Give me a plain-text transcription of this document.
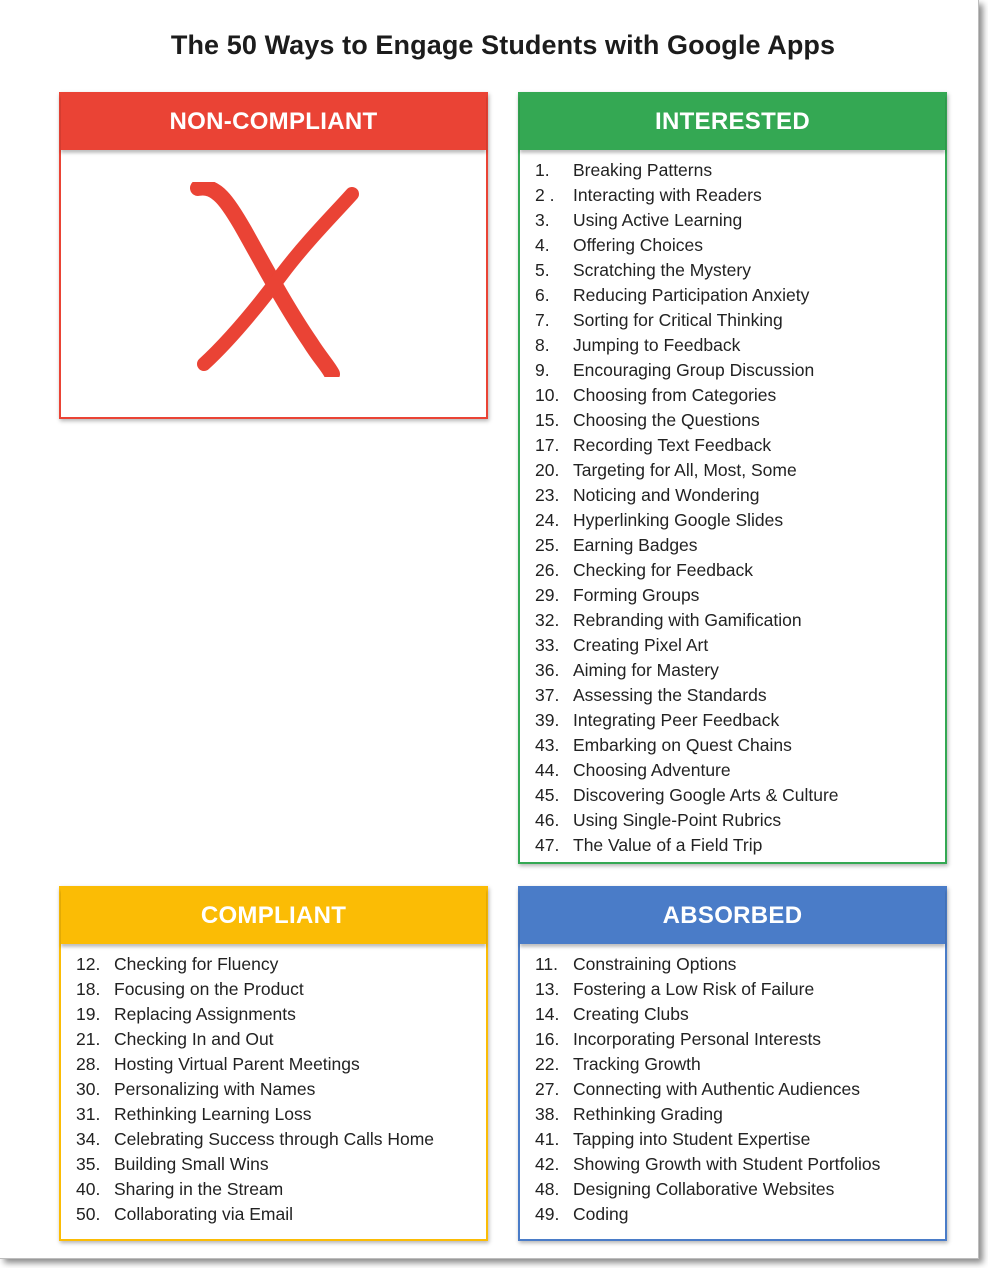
The 50 Ways to Engage Students with Google Apps
NON-COMPLIANT	INTERESTED
1.	Breaking Patterns
2 .	Interacting with Readers
3.	Using Active Learning
4.	Offering Choices
5.	Scratching the Mystery
6.	Reducing Participation Anxiety
7.	Sorting for Critical Thinking
8.	Jumping to Feedback
9.	Encouraging Group Discussion
10. Choosing from Categories
15. Choosing the Questions
17. Recording Text Feedback
20. Targeting for All, Most, Some
23. Noticing and Wondering
24. Hyperlinking Google Slides
25. Earning Badges
26. Checking for Feedback
29. Forming Groups
32. Rebranding with Gamification
33. Creating Pixel Art
36. Aiming for Mastery
37. Assessing the Standards
39. Integrating Peer Feedback
43. Embarking on Quest Chains
44. Choosing Adventure
45. Discovering Google Arts & Culture
46. Using Single-Point Rubrics
47. The Value of a Field Trip
COMPLIANT
12. Checking for Fluency
18. Focusing on the Product
19. Replacing Assignments
21. Checking In and Out
28. Hosting Virtual Parent Meetings
30. Personalizing with Names
31. Rethinking Learning Loss
34. Celebrating Success through Calls Home
35. Building Small Wins
40. Sharing in the Stream
50. Collaborating via Email
ABSORBED
11. Constraining Options
13. Fostering a Low Risk of Failure
14. Creating Clubs
16. Incorporating Personal Interests
22. Tracking Growth
27. Connecting with Authentic Audiences
38. Rethinking Grading
41. Tapping into Student Expertise
42. Showing Growth with Student Portfolios
48. Designing Collaborative Websites
49. Coding
